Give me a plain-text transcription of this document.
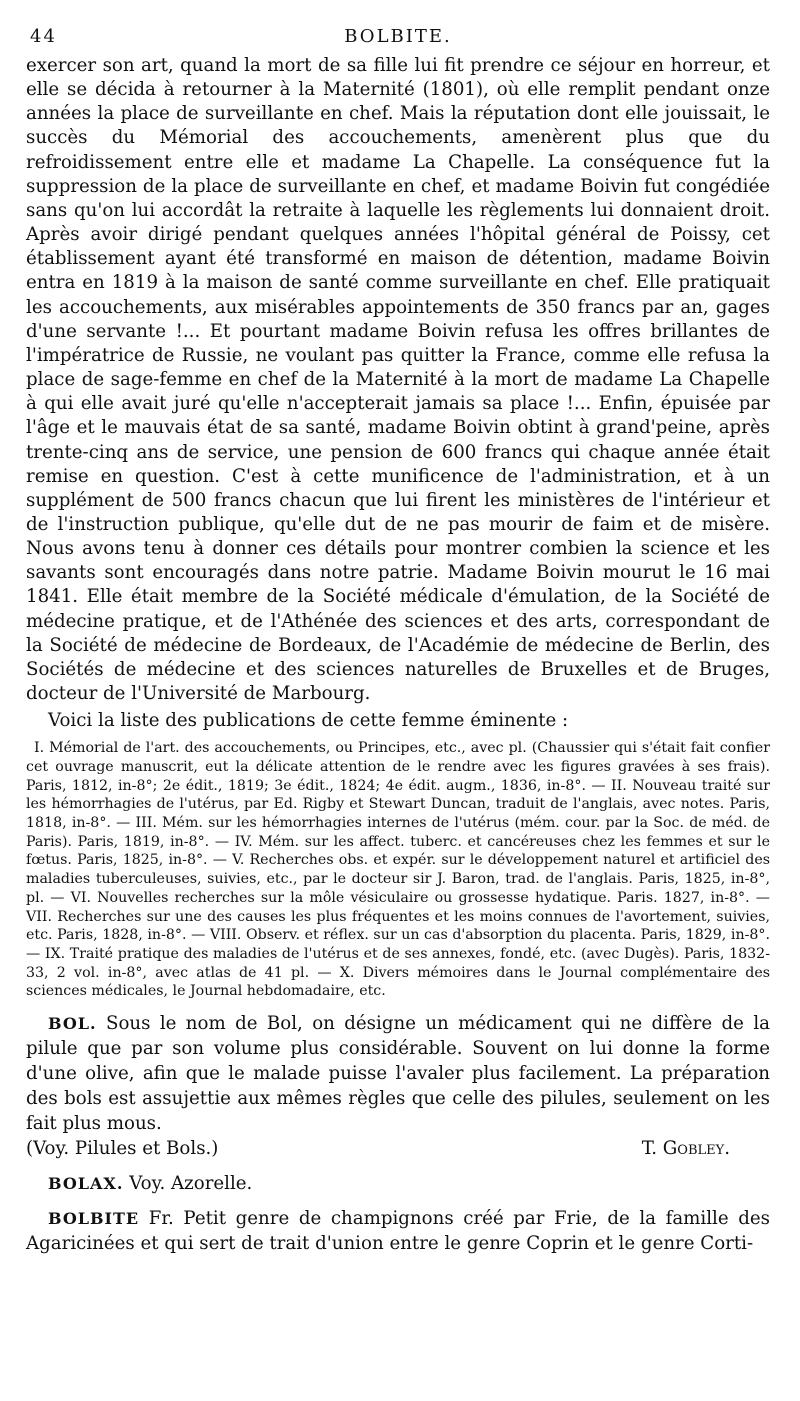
44	BOLBITE.

exercer son art, quand la mort de sa fille lui fit prendre ce séjour en horreur, et elle se décida à retourner à la Maternité (1801), où elle remplit pendant onze années la place de surveillante en chef. Mais la réputation dont elle jouissait, le succès du Mémorial des accouchements, amenèrent plus que du refroidissement entre elle et madame La Chapelle. La conséquence fut la suppression de la place de surveillante en chef, et madame Boivin fut congédiée sans qu'on lui accordât la retraite à laquelle les règlements lui donnaient droit. Après avoir dirigé pendant quelques années l'hôpital général de Poissy, cet établissement ayant été transformé en maison de détention, madame Boivin entra en 1819 à la maison de santé comme surveillante en chef. Elle pratiquait les accouchements, aux misérables appointements de 350 francs par an, gages d'une servante !... Et pourtant madame Boivin refusa les offres brillantes de l'impératrice de Russie, ne voulant pas quitter la France, comme elle refusa la place de sage-femme en chef de la Maternité à la mort de madame La Chapelle à qui elle avait juré qu'elle n'accepterait jamais sa place !... Enfin, épuisée par l'âge et le mauvais état de sa santé, madame Boivin obtint à grand'peine, après trente-cinq ans de service, une pension de 600 francs qui chaque année était remise en question. C'est à cette munificence de l'administration, et à un supplément de 500 francs chacun que lui firent les ministères de l'intérieur et de l'instruction publique, qu'elle dut de ne pas mourir de faim et de misère. Nous avons tenu à donner ces détails pour montrer combien la science et les savants sont encouragés dans notre patrie. Madame Boivin mourut le 16 mai 1841. Elle était membre de la Société médicale d'émulation, de la Société de médecine pratique, et de l'Athénée des sciences et des arts, correspondant de la Société de médecine de Bordeaux, de l'Académie de médecine de Berlin, des Sociétés de médecine et des sciences naturelles de Bruxelles et de Bruges, docteur de l'Université de Marbourg.

Voici la liste des publications de cette femme éminente :

I. Mémorial de l'art. des accouchements, ou Principes, etc., avec pl. (Chaussier qui s'était fait confier cet ouvrage manuscrit, eut la délicate attention de le rendre avec les figures gravées à ses frais). Paris, 1812, in-8°; 2e édit., 1819; 3e édit., 1824; 4e édit. augm., 1836, in-8°. — II. Nouveau traité sur les hémorrhagies de l'utérus, par Ed. Rigby et Stewart Duncan, traduit de l'anglais, avec notes. Paris, 1818, in-8°. — III. Mém. sur les hémorrhagies internes de l'utérus (mém. cour. par la Soc. de méd. de Paris). Paris, 1819, in-8°. — IV. Mém. sur les affect. tuberc. et cancéreuses chez les femmes et sur le fœtus. Paris, 1825, in-8°. — V. Recherches obs. et expér. sur le développement naturel et artificiel des maladies tuberculeuses, suivies, etc., par le docteur sir J. Baron, trad. de l'anglais. Paris, 1825, in-8°, pl. — VI. Nouvelles recherches sur la môle vésiculaire ou grossesse hydatique. Paris. 1827, in-8°. — VII. Recherches sur une des causes les plus fréquentes et les moins connues de l'avortement, suivies, etc. Paris, 1828, in-8°. — VIII. Observ. et réflex. sur un cas d'absorption du placenta. Paris, 1829, in-8°. — IX. Traité pratique des maladies de l'utérus et de ses annexes, fondé, etc. (avec Dugès). Paris, 1832-33, 2 vol. in-8°, avec atlas de 41 pl. — X. Divers mémoires dans le Journal complémentaire des sciences médicales, le Journal hebdomadaire, etc.

BOL. Sous le nom de Bol, on désigne un médicament qui ne diffère de la pilule que par son volume plus considérable. Souvent on lui donne la forme d'une olive, afin que le malade puisse l'avaler plus facilement. La préparation des bols est assujettie aux mêmes règles que celle des pilules, seulement on les fait plus mous.

(Voy. Pilules et Bols.)	T. Gobley.

BOLAX. Voy. Azorelle.

BOLBITE Fr. Petit genre de champignons créé par Frie, de la famille des Agaricinées et qui sert de trait d'union entre le genre Coprin et le genre Corti-
